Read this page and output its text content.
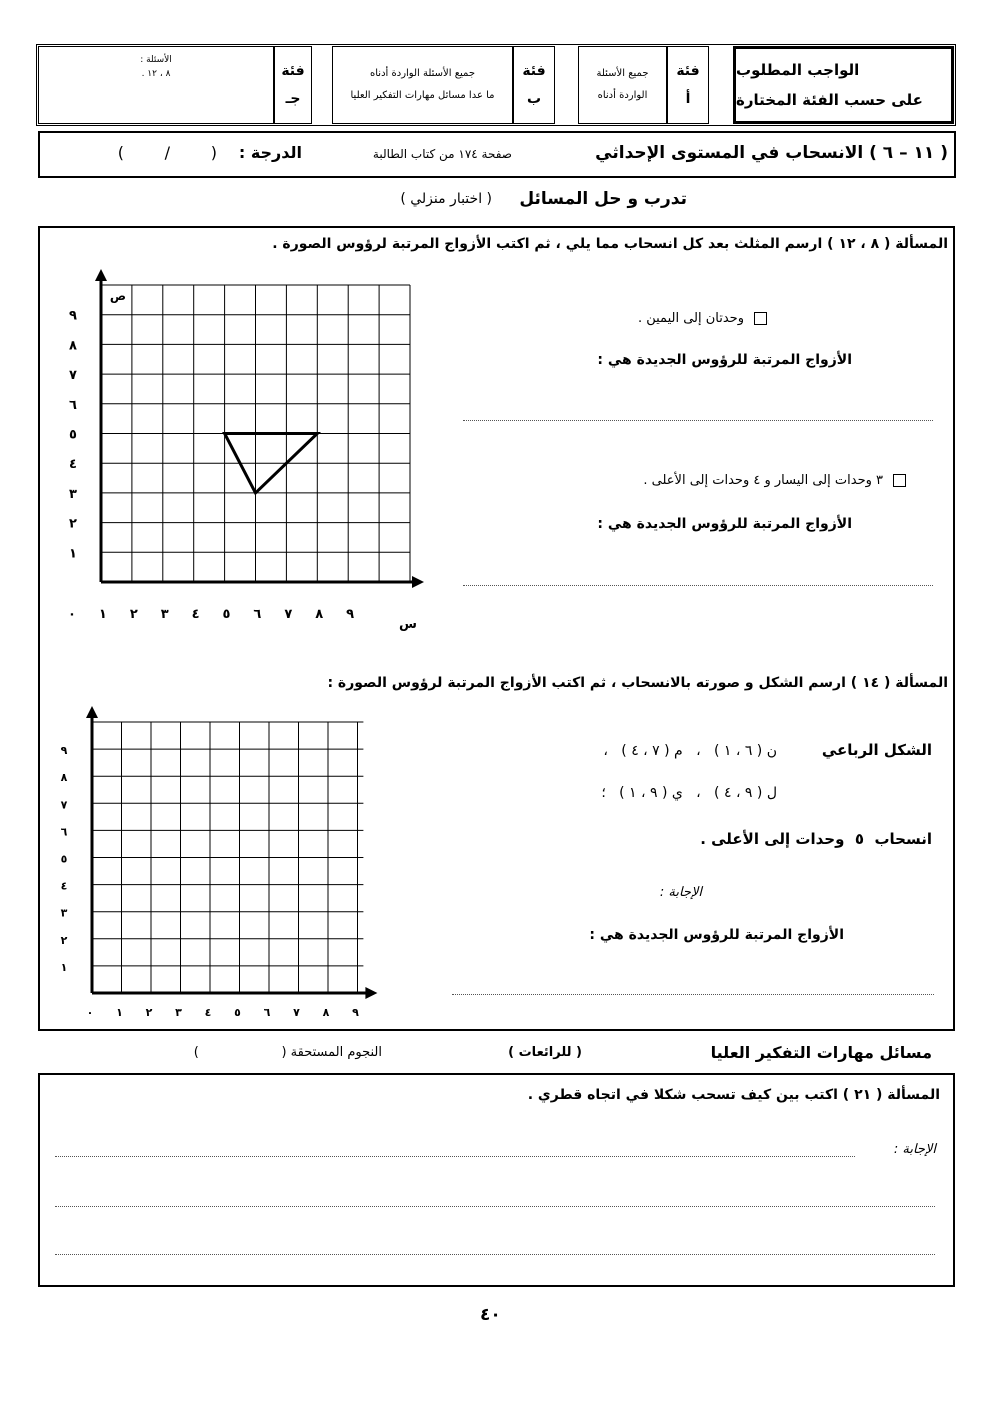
الواجب المطلوب
على حسب الفئة المختارة
فئة
أ
جميع الأسئلة
الواردة أدناه
فئة
ب
جميع الأسئلة الواردة أدناه
ما عدا مسائل مهارات التفكير العليا
فئة
جـ
الأسئلة :
٨ ، ١٢ .
( ١١ – ٦ ) الانسحاب في المستوى الإحداثي
صفحة ١٧٤ من كتاب الطالبة
الدرجة :
(        /        )
تدرب و حل المسائل
( اختبار منزلي )
المسألة ( ٨ ، ١٢ ) ارسم المثلث بعد كل انسحاب مما يلي ، ثم اكتب الأزواج المرتبة لرؤوس الصورة .
وحدتان إلى اليمين .
الأزواج المرتبة للرؤوس الجديدة هي :
٣ وحدات إلى اليسار و ٤ وحدات إلى الأعلى .
الأزواج المرتبة للرؤوس الجديدة هي :
٠ ١ ٢ ٣ ٤ ٥ ٦ ٧ ٨ ٩
١
٢
٣
٤
٥
٦
٧
٨
٩
ص
س
٠ ١ ٢ ٣ ٤ ٥ ٦ ٧ ٨ ٩
١
٢
٣
٤
٥
٦
٧
٨
٩
المسألة ( ١٤ ) ارسم الشكل و صورته بالانسحاب ، ثم اكتب الأزواج المرتبة لرؤوس الصورة :
الشكل الرباعي
ن ( ٦ ، ١ )   ،   م ( ٧ ، ٤ )   ،
ل ( ٩ ، ٤ )   ،   ي ( ٩ ، ١ )   ؛
انسحاب  ٥  وحدات إلى الأعلى .
الإجابة :
الأزواج المرتبة للرؤوس الجديدة هي :
مسائل مهارات التفكير العليا
( للرائعات )
النجوم المستحقة (                    )
المسألة ( ٢١ ) اكتب بين كيف تسحب شكلا في اتجاه قطري .
الإجابة :
٤٠
